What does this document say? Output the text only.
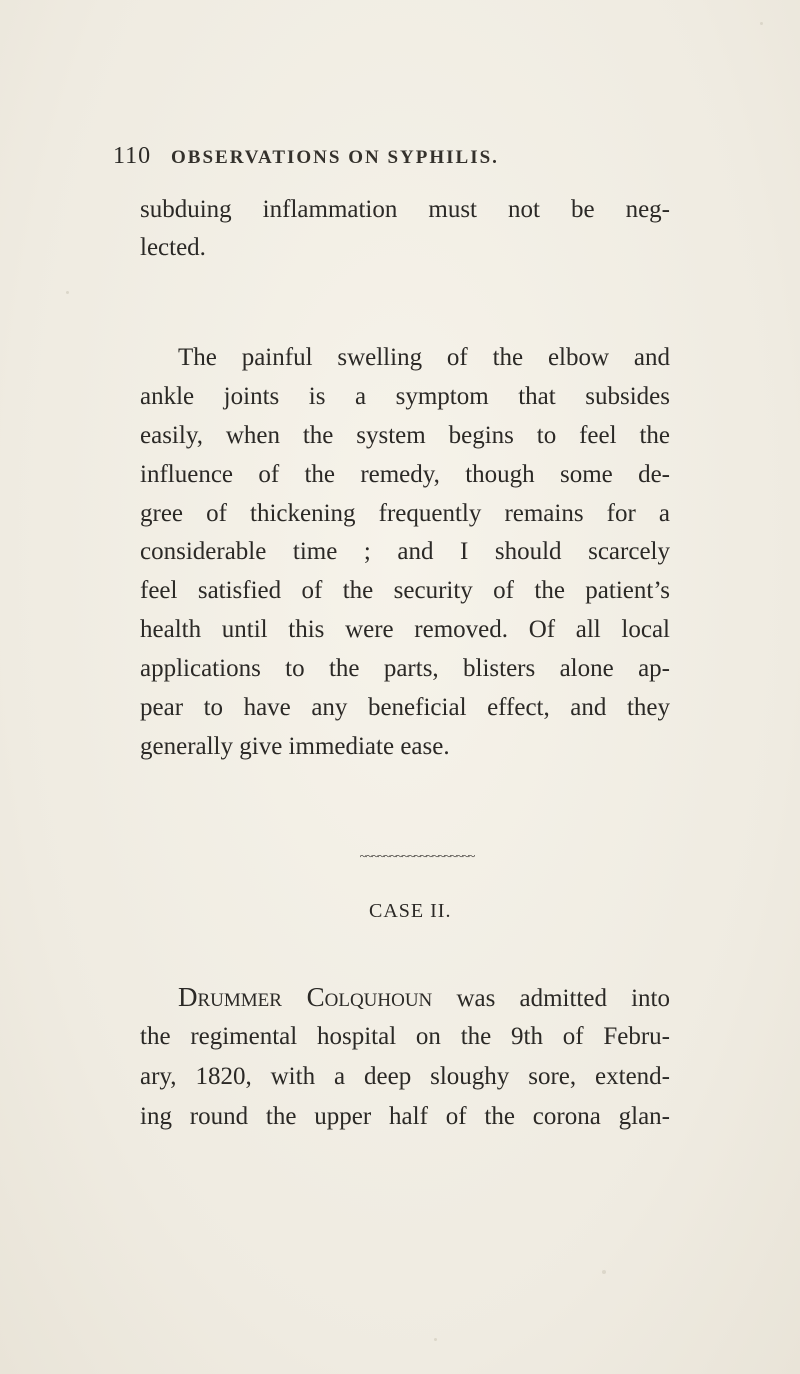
110 OBSERVATIONS ON SYPHILIS.
subduing inflammation must not be neg-
lected.
The painful swelling of the elbow and
ankle joints is a symptom that subsides
easily, when the system begins to feel the
influence of the remedy, though some de-
gree of thickening frequently remains for a
considerable time ; and I should scarcely
feel satisfied of the security of the patient’s
health until this were removed. Of all local
applications to the parts, blisters alone ap-
pear to have any beneficial effect, and they
generally give immediate ease.
~~~~~~~~~~~~~~~~~~~
CASE II.
Drummer Colquhoun was admitted into
the regimental hospital on the 9th of Febru-
ary, 1820, with a deep sloughy sore, extend-
ing round the upper half of the corona glan-
